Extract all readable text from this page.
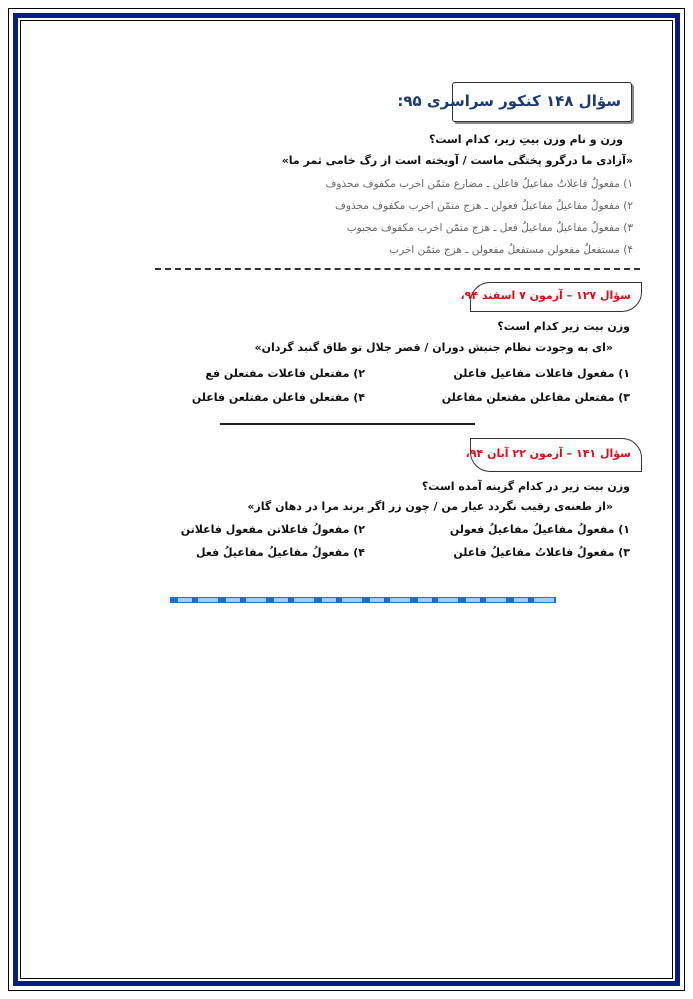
سؤال ۱۴۸ کنکور سراسری ۹۵:
وزن و نام وزن بیتِ زیر، کدام است؟
«آزادی ما درگرو پختگی ماست / آویخته است از رگ خامی ثمر ما»
۱) مفعولُ فاعلاتُ مفاعیلُ فاعلن ـ مضارع مثمّن اخرب مکفوف محذوف
۲) مفعولُ مفاعیلُ مفاعیلُ فعولن ـ هزج مثمّن اخرب مکفوف محذوف
۳) مفعولُ مفاعیلُ مفاعیلُ فعل ـ هزج مثمّن اخرب مکفوف مجبوب
۴) مستفعلُ مفعولن مستفعلُ مفعولن ـ هزج مثمّن اخرب
سؤال ۱۲۷ – آزمون ۷ اسفند ۹۴،
وزن بیت زیر کدام است؟
«ای به وجودت نظام جنبش دوران / قصر جلال تو طاق گنبد گردان»
۱) مفعول فاعلات مفاعیل فاعلن
۲) مفتعلن فاعلات مفتعلن فع
۳) مفتعلن مفاعلن مفتعلن مفاعلن
۴) مفتعلن فاعلن مفتلعن فاعلن
سؤال ۱۴۱ – آزمون ۲۲ آبان ۹۴،
وزن بیت زیر در کدام گزینه آمده است؟
«از طعنه‌ی رقیب نگردد عیار من / چون زر اگر برند مرا در دهان گاز»
۱) مفعولُ مفاعیلُ مفاعیلُ فعولن
۲) مفعولُ فاعلاتن مفعول فاعلاتن
۳) مفعولُ فاعلاتُ مفاعیلُ فاعلن
۴) مفعولُ مفاعیلُ مفاعیلُ فعل
